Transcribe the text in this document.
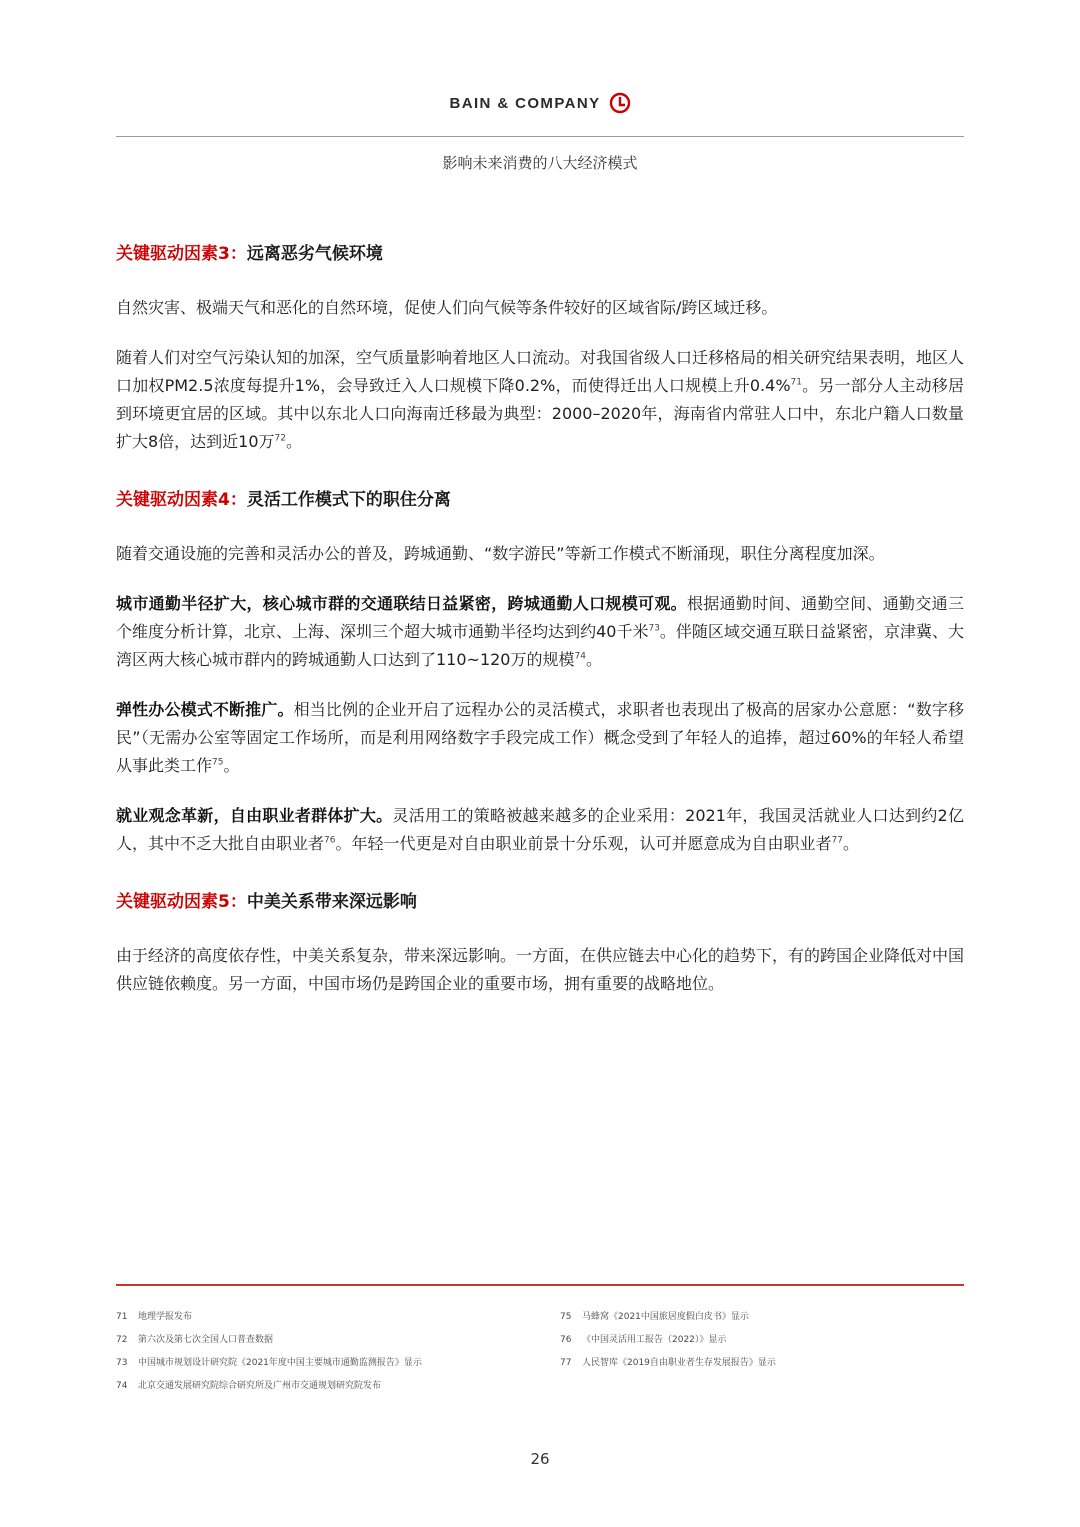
BAIN & COMPANY
影响未来消费的八大经济模式
关键驱动因素3：远离恶劣气候环境

自然灾害、极端天气和恶化的自然环境，促使人们向气候等条件较好的区域省际/跨区域迁移。

随着人们对空气污染认知的加深，空气质量影响着地区人口流动。对我国省级人口迁移格局的相关研究结果表明，地区人口加权PM2.5浓度每提升1%，会导致迁入人口规模下降0.2%，而使得迁出人口规模上升0.4%$^{71}$。另一部分人主动移居到环境更宜居的区域。其中以东北人口向海南迁移最为典型：2000–2020年，海南省内常驻人口中，东北户籍人口数量扩大8倍，达到近10万$^{72}$。

关键驱动因素4：灵活工作模式下的职住分离

随着交通设施的完善和灵活办公的普及，跨城通勤、“数字游民”等新工作模式不断涌现，职住分离程度加深。

城市通勤半径扩大，核心城市群的交通联结日益紧密，跨城通勤人口规模可观。根据通勤时间、通勤空间、通勤交通三个维度分析计算，北京、上海、深圳三个超大城市通勤半径均达到约40千米$^{73}$。伴随区域交通互联日益紧密，京津冀、大湾区两大核心城市群内的跨城通勤人口达到了110~120万的规模$^{74}$。

弹性办公模式不断推广。相当比例的企业开启了远程办公的灵活模式，求职者也表现出了极高的居家办公意愿：“数字移民”（无需办公室等固定工作场所，而是利用网络数字手段完成工作）概念受到了年轻人的追捧，超过60%的年轻人希望从事此类工作$^{75}$。

就业观念革新，自由职业者群体扩大。灵活用工的策略被越来越多的企业采用：2021年，我国灵活就业人口达到约2亿人，其中不乏大批自由职业者$^{76}$。年轻一代更是对自由职业前景十分乐观，认可并愿意成为自由职业者$^{77}$。

关键驱动因素5：中美关系带来深远影响

由于经济的高度依存性，中美关系复杂，带来深远影响。一方面，在供应链去中心化的趋势下，有的跨国企业降低对中国供应链依赖度。另一方面，中国市场仍是跨国企业的重要市场，拥有重要的战略地位。

71 地理学报发布
72 第六次及第七次全国人口普查数据
73 中国城市规划设计研究院《2021年度中国主要城市通勤监测报告》显示
74 北京交通发展研究院综合研究所及广州市交通规划研究院发布
75 马蜂窝《2021中国旅居度假白皮书》显示
76 《中国灵活用工报告（2022）》显示
77 人民智库《2019自由职业者生存发展报告》显示
26
